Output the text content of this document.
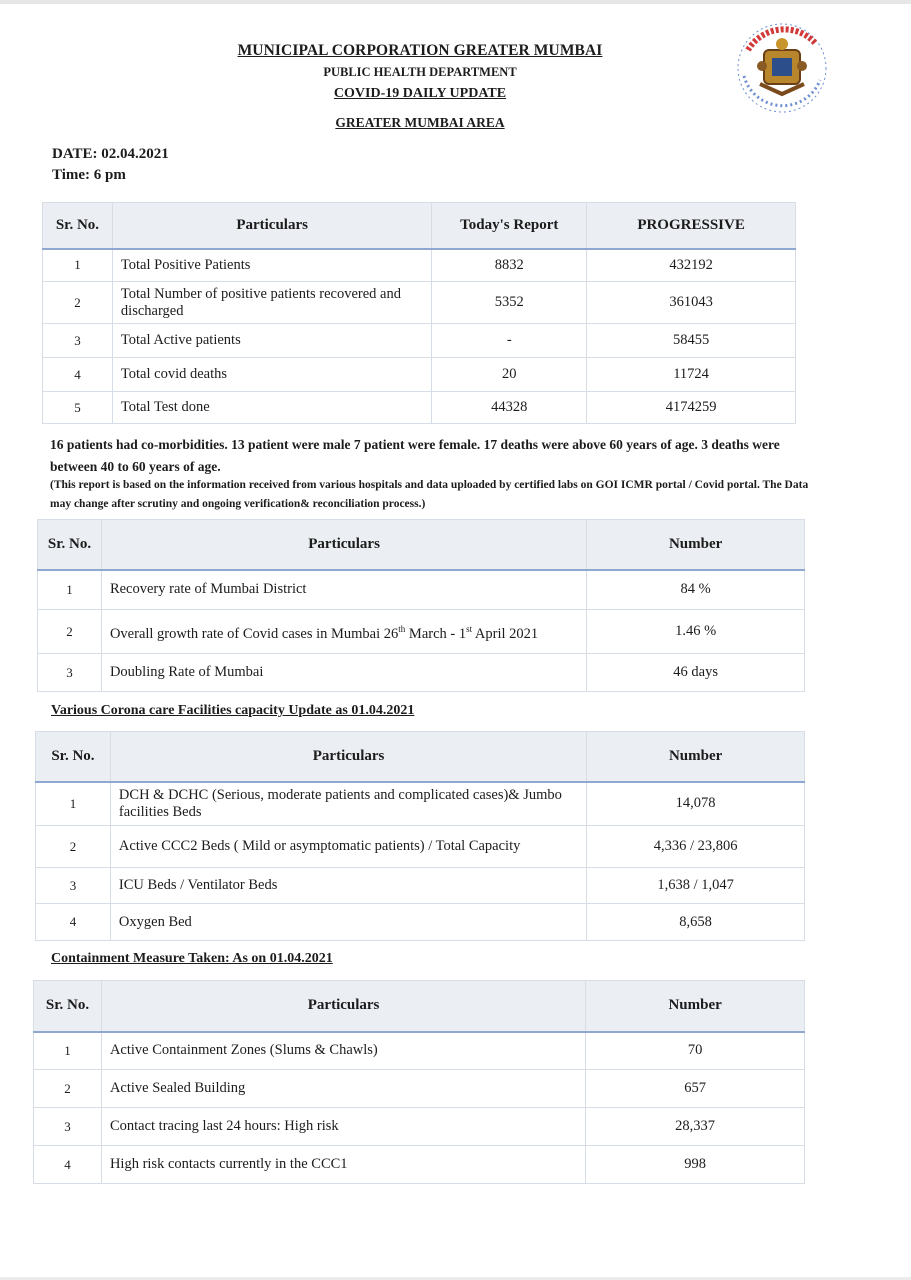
MUNICIPAL CORPORATION GREATER MUMBAI
PUBLIC HEALTH DEPARTMENT
COVID-19 DAILY UPDATE
GREATER MUMBAI AREA
DATE: 02.04.2021
Time: 6 pm
Sr. No.	Particulars	Today's Report	PROGRESSIVE
1	Total Positive Patients	8832	432192
2	Total Number of positive patients recovered and discharged	5352	361043
3	Total Active patients	-	58455
4	Total covid deaths	20	11724
5	Total Test done	44328	4174259
16 patients had co-morbidities. 13 patient were male 7 patient were female. 17 deaths were above 60 years of age. 3 deaths were between 40 to 60 years of age.
(This report is based on the information received from various hospitals and data uploaded by certified labs on GOI ICMR portal / Covid portal. The Data may change after scrutiny and ongoing verification& reconciliation process.)
Sr. No.	Particulars	Number
1	Recovery rate of Mumbai District	84 %
2	Overall growth rate of Covid cases in Mumbai 26th March - 1st April 2021	1.46 %
3	Doubling Rate of Mumbai	46 days
Various Corona care Facilities capacity Update as 01.04.2021
Sr. No.	Particulars	Number
1	DCH & DCHC (Serious, moderate patients and complicated cases)& Jumbo facilities Beds	14,078
2	Active CCC2 Beds ( Mild or asymptomatic patients) / Total Capacity	4,336 / 23,806
3	ICU Beds / Ventilator Beds	1,638 / 1,047
4	Oxygen Bed	8,658
Containment Measure Taken: As on 01.04.2021
Sr. No.	Particulars	Number
1	Active Containment Zones (Slums & Chawls)	70
2	Active Sealed Building	657
3	Contact tracing last 24 hours: High risk	28,337
4	High risk contacts currently in the CCC1	998
